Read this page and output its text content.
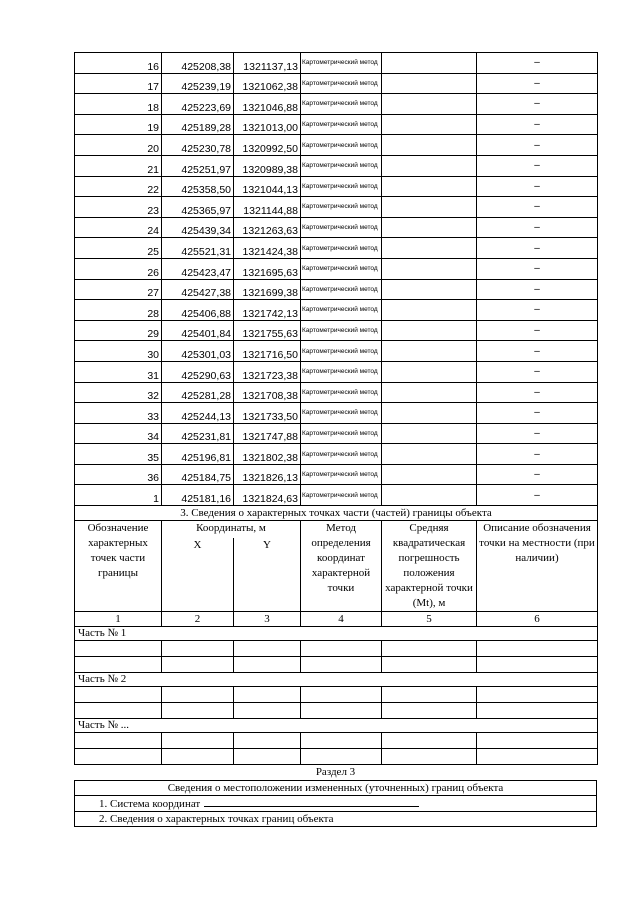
16	425208,38	1321137,13	Картометрический метод		–
17	425239,19	1321062,38	Картометрический метод		–
18	425223,69	1321046,88	Картометрический метод		–
19	425189,28	1321013,00	Картометрический метод		–
20	425230,78	1320992,50	Картометрический метод		–
21	425251,97	1320989,38	Картометрический метод		–
22	425358,50	1321044,13	Картометрический метод		–
23	425365,97	1321144,88	Картометрический метод		–
24	425439,34	1321263,63	Картометрический метод		–
25	425521,31	1321424,38	Картометрический метод		–
26	425423,47	1321695,63	Картометрический метод		–
27	425427,38	1321699,38	Картометрический метод		–
28	425406,88	1321742,13	Картометрический метод		–
29	425401,84	1321755,63	Картометрический метод		–
30	425301,03	1321716,50	Картометрический метод		–
31	425290,63	1321723,38	Картометрический метод		–
32	425281,28	1321708,38	Картометрический метод		–
33	425244,13	1321733,50	Картометрический метод		–
34	425231,81	1321747,88	Картометрический метод		–
35	425196,81	1321802,38	Картометрический метод		–
36	425184,75	1321826,13	Картометрический метод		–
1	425181,16	1321824,63	Картометрический метод		–
3. Сведения о характерных точках части (частей) границы объекта					
Обозначение характерных точек части границы	Координаты, м		Метод определения координат характерной точки	Средняя квадратическая погрешность положения характерной точки (Mt), м	Описание обозначения точки на местности (при наличии)
	X	Y			
1	2	3	4	5	6
Часть № 1					

Часть № 2					

Часть № ...					

Раздел 3
Сведения о местоположении измененных (уточненных) границ объекта
1. Система координат
2. Сведения о характерных точках границ объекта
